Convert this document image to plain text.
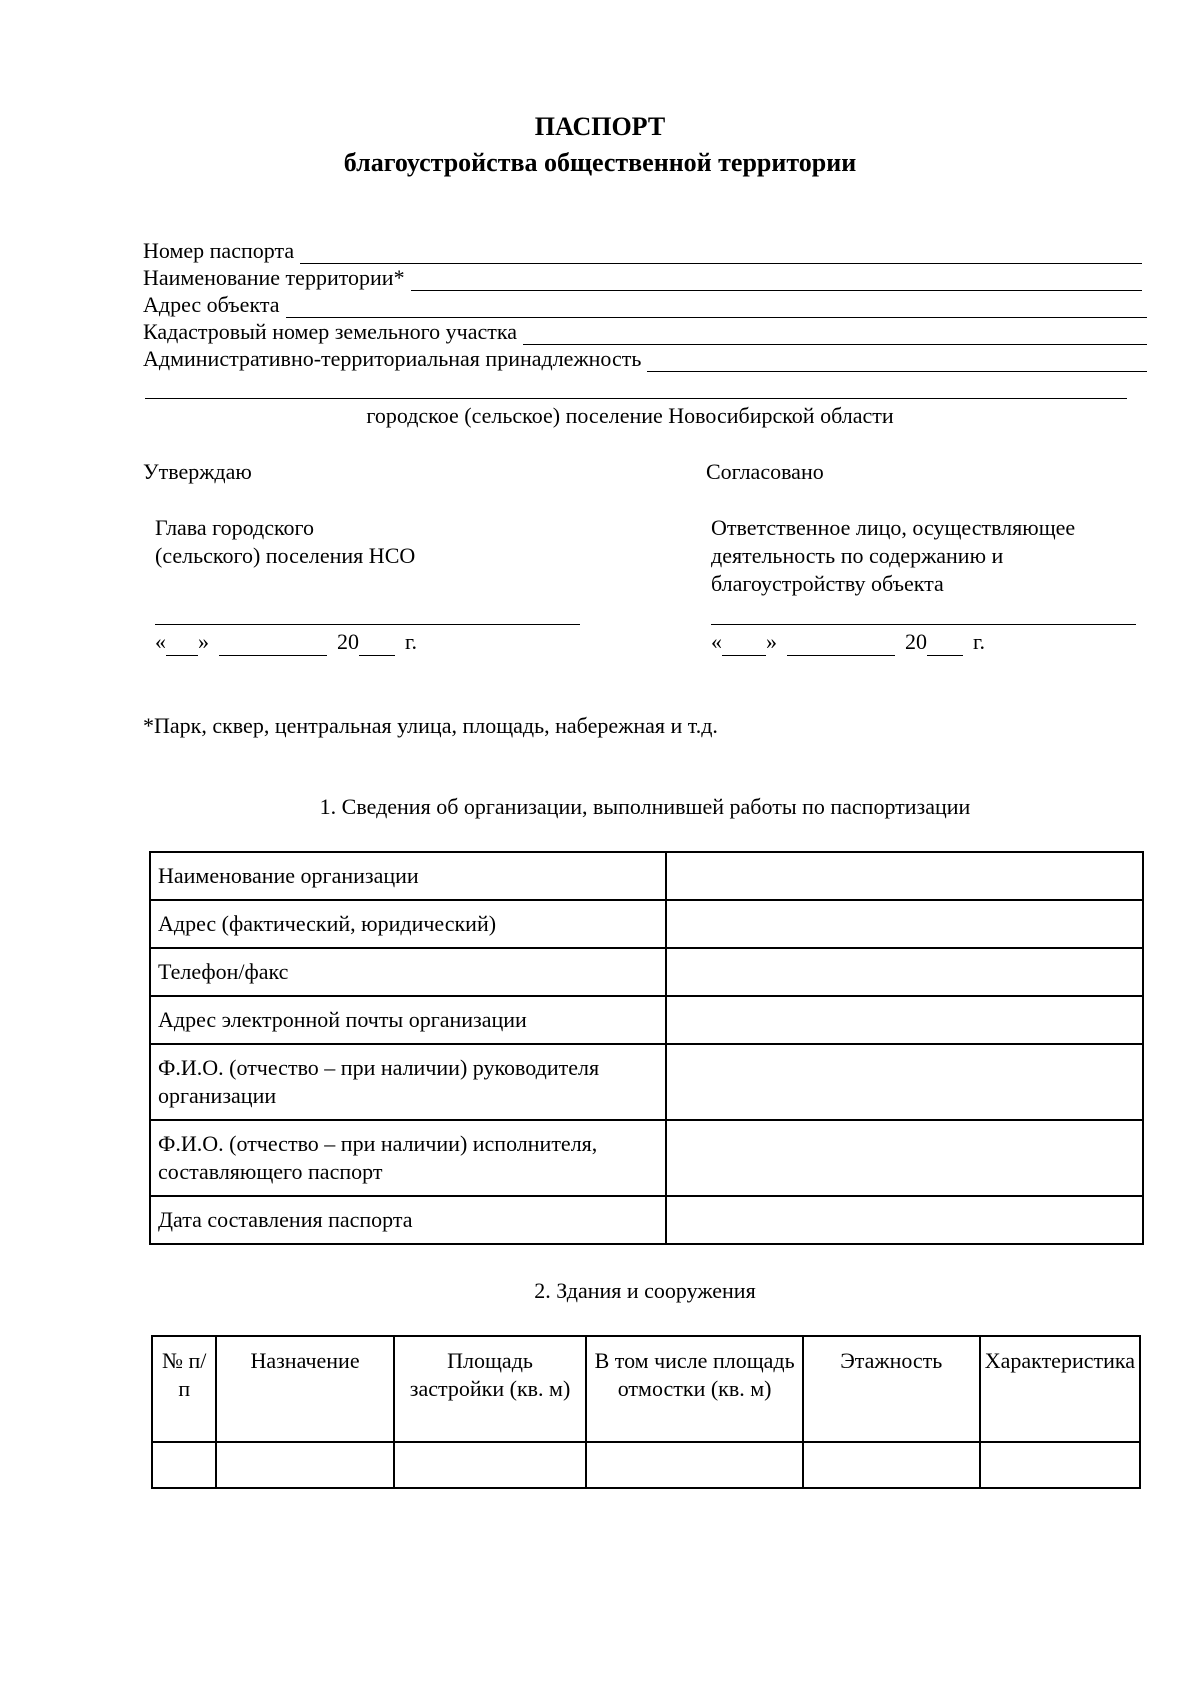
ПАСПОРТ
благоустройства общественной территории
Номер паспорта
Наименование территории*
Адрес объекта
Кадастровый номер земельного участка
Административно-территориальная принадлежность
городское (сельское) поселение Новосибирской области
Утверждаю	Согласовано
Глава городского
(сельского) поселения НСО
Ответственное лицо, осуществляющее
деятельность по содержанию и
благоустройству объекта
« »	20 г.	« »	20 г.
*Парк, сквер, центральная улица, площадь, набережная и т.д.
1. Сведения об организации, выполнившей работы по паспортизации
Наименование организации	
Адрес (фактический, юридический)	
Телефон/факс	
Адрес электронной почты организации	
Ф.И.О. (отчество – при наличии) руководителя организации	
Ф.И.О. (отчество – при наличии) исполнителя, составляющего паспорт	
Дата составления паспорта	
2. Здания и сооружения
№ п/п	Назначение	Площадь застройки (кв. м)	В том числе площадь отмостки (кв. м)	Этажность	Характеристика
